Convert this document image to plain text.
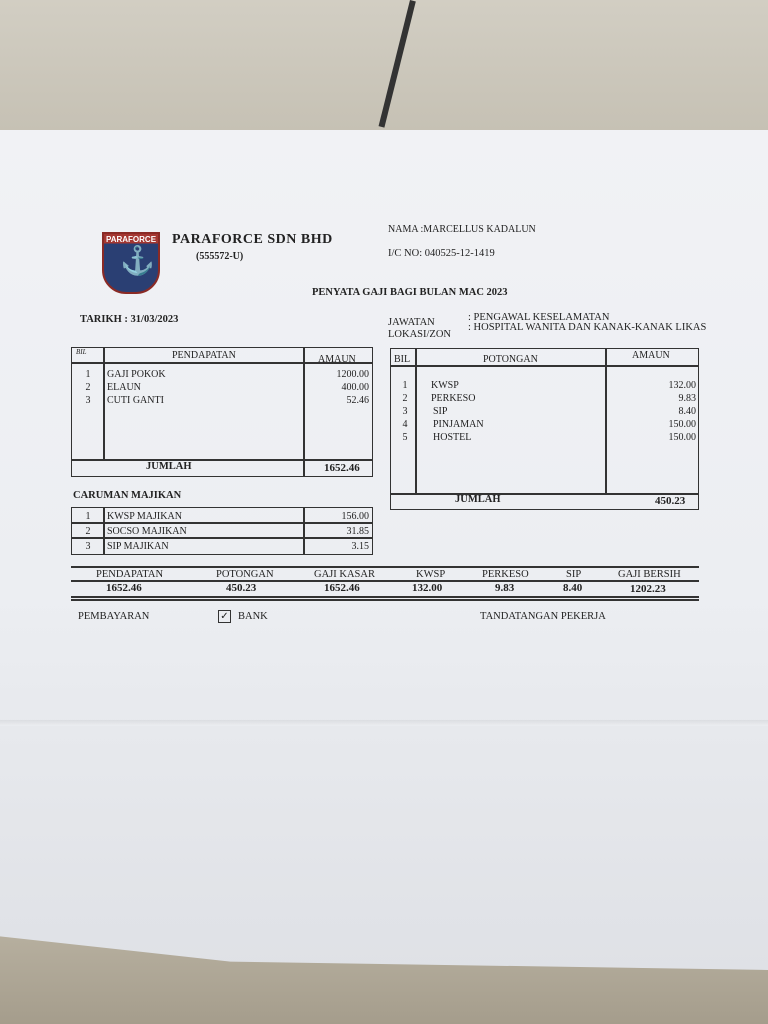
PARAFORCE
⚓
PARAFORCE SDN BHD
(555572-U)
NAMA :MARCELLUS KADALUN
I/C NO: 040525-12-1419
PENYATA GAJI BAGI BULAN MAC 2023
TARIKH : 31/03/2023	JAWATAN	: PENGAWAL KESELAMATAN
LOKASI/ZON
: HOSPITAL WANITA DAN KANAK-KANAK LIKAS
BIL	PENDAPATAN	AMAUN
1	GAJI POKOK	1200.00
2	ELAUN	400.00
3	CUTI GANTI	52.46
JUMLAH	1652.46
BIL	POTONGAN	AMAUN
1	KWSP	132.00
2	PERKESO	9.83
3	SIP	8.40
4	PINJAMAN	150.00
5	HOSTEL	150.00
JUMLAH	450.23
CARUMAN MAJIKAN
1	KWSP MAJIKAN	156.00
2	SOCSO MAJIKAN	31.85
3	SIP MAJIKAN	3.15
PENDAPATAN	POTONGAN	GAJI KASAR	KWSP	PERKESO	SIP	GAJI BERSIH
1652.46	450.23	1652.46	132.00	9.83	8.40	1202.23
PEMBAYARAN	✓ BANK	TANDATANGAN PEKERJA
